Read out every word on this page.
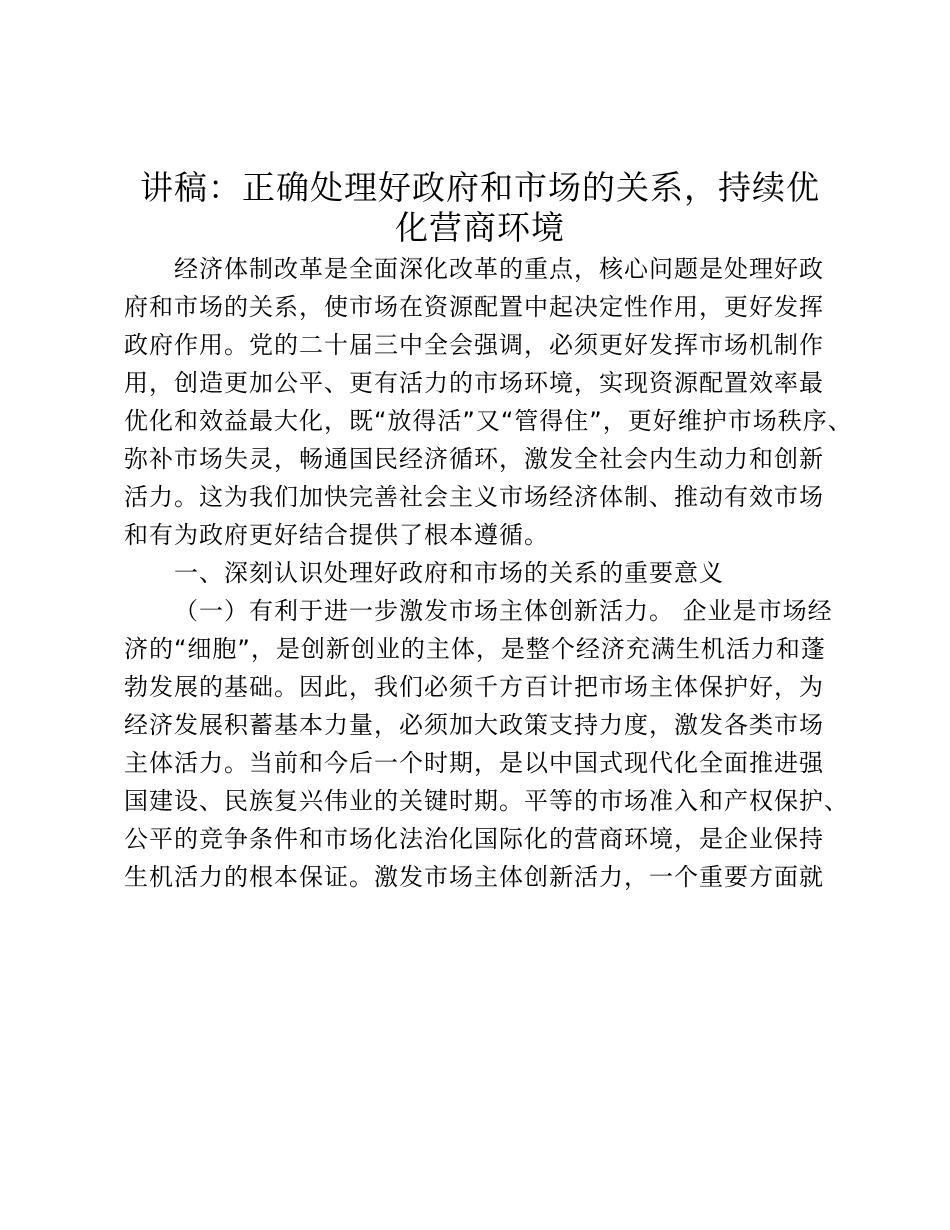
讲稿：正确处理好政府和市场的关系，持续优
化营商环境

经济体制改革是全面深化改革的重点，核心问题是处理好政
府和市场的关系，使市场在资源配置中起决定性作用，更好发挥
政府作用。党的二十届三中全会强调，必须更好发挥市场机制作
用，创造更加公平、更有活力的市场环境，实现资源配置效率最
优化和效益最大化，既“放得活”又“管得住”，更好维护市场秩序、
弥补市场失灵，畅通国民经济循环，激发全社会内生动力和创新
活力。这为我们加快完善社会主义市场经济体制、推动有效市场
和有为政府更好结合提供了根本遵循。

一、深刻认识处理好政府和市场的关系的重要意义

（一）有利于进一步激发市场主体创新活力。 企业是市场经
济的“细胞”，是创新创业的主体，是整个经济充满生机活力和蓬
勃发展的基础。因此，我们必须千方百计把市场主体保护好，为
经济发展积蓄基本力量，必须加大政策支持力度，激发各类市场
主体活力。当前和今后一个时期，是以中国式现代化全面推进强
国建设、民族复兴伟业的关键时期。平等的市场准入和产权保护、
公平的竞争条件和市场化法治化国际化的营商环境，是企业保持
生机活力的根本保证。激发市场主体创新活力，一个重要方面就
